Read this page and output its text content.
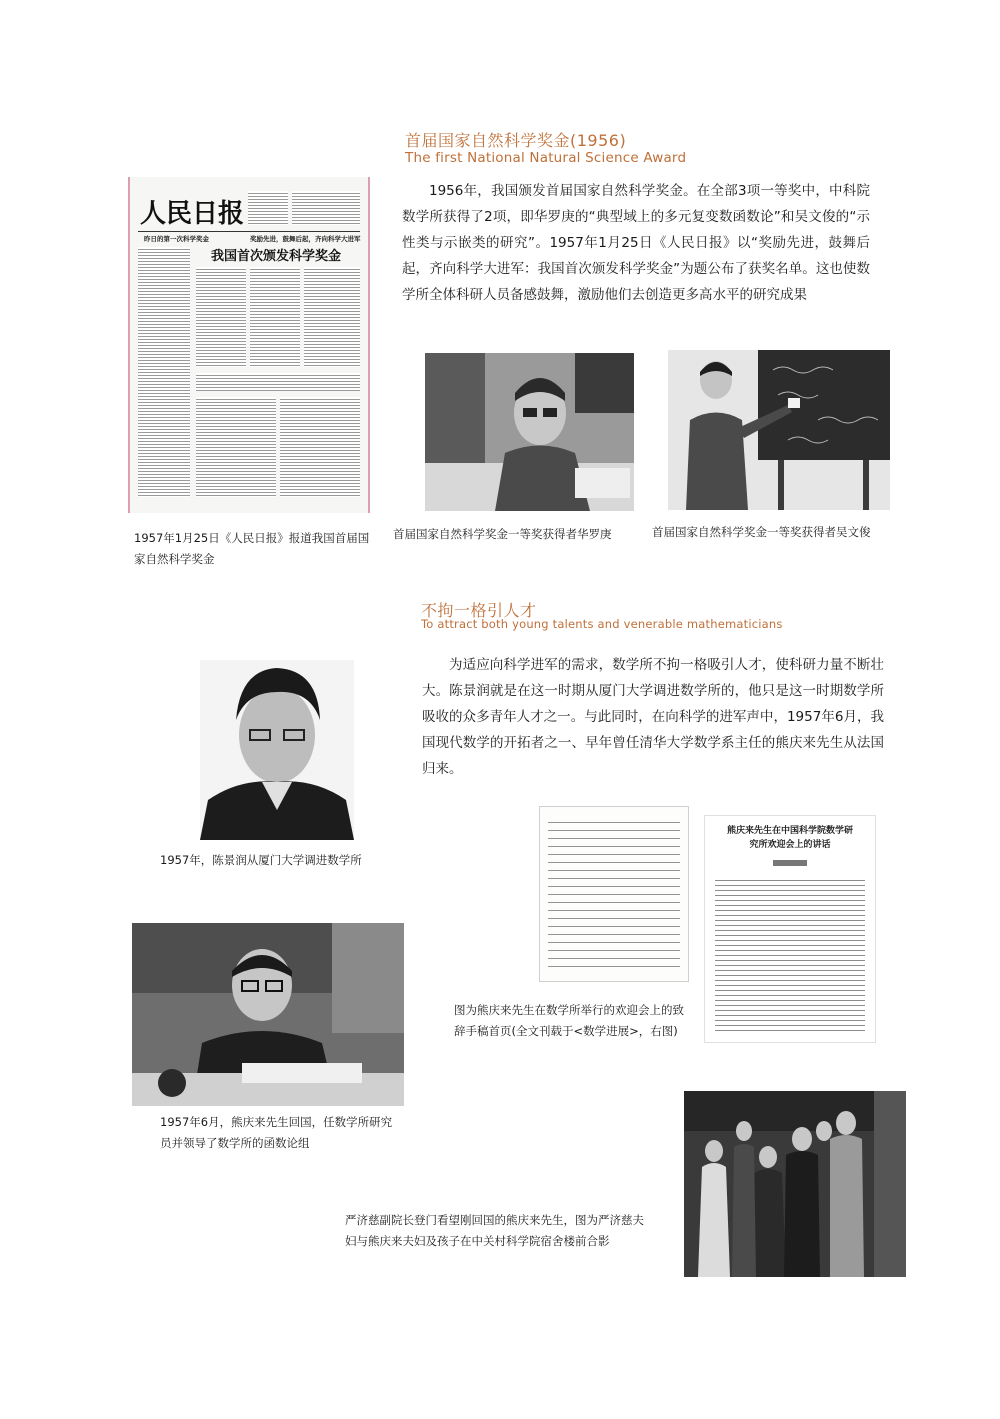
首届国家自然科学奖金(1956)
The first National Natural Science Award
人民日报
昨日的第一次科学奖金	奖励先进，鼓舞后起，齐向科学大进军
我国首次颁发科学奖金
1957年1月25日《人民日报》报道我国首届国家自然科学奖金
1956年，我国颁发首届国家自然科学奖金。在全部3项一等奖中，中科院数学所获得了2项，即华罗庚的“典型域上的多元复变数函数论”和吴文俊的“示性类与示嵌类的研究”。1957年1月25日《人民日报》以“奖励先进，鼓舞后起，齐向科学大进军：我国首次颁发科学奖金”为题公布了获奖名单。这也使数学所全体科研人员备感鼓舞，激励他们去创造更多高水平的研究成果
首届国家自然科学奖金一等奖获得者华罗庚	首届国家自然科学奖金一等奖获得者吴文俊
不拘一格引人才
To attract both young talents and venerable mathematicians
为适应向科学进军的需求，数学所不拘一格吸引人才，使科研力量不断壮大。陈景润就是在这一时期从厦门大学调进数学所的，他只是这一时期数学所吸收的众多青年人才之一。与此同时，在向科学的进军声中，1957年6月，我国现代数学的开拓者之一、早年曾任清华大学数学系主任的熊庆来先生从法国归来。
1957年，陈景润从厦门大学调进数学所
熊庆来先生在中国科学院数学研究所欢迎会上的讲话
图为熊庆来先生在数学所举行的欢迎会上的致辞手稿首页(全文刊载于<数学进展>，右图)
1957年6月，熊庆来先生回国，任数学所研究员并领导了数学所的函数论组
严济慈副院长登门看望刚回国的熊庆来先生，图为严济慈夫妇与熊庆来夫妇及孩子在中关村科学院宿舍楼前合影
